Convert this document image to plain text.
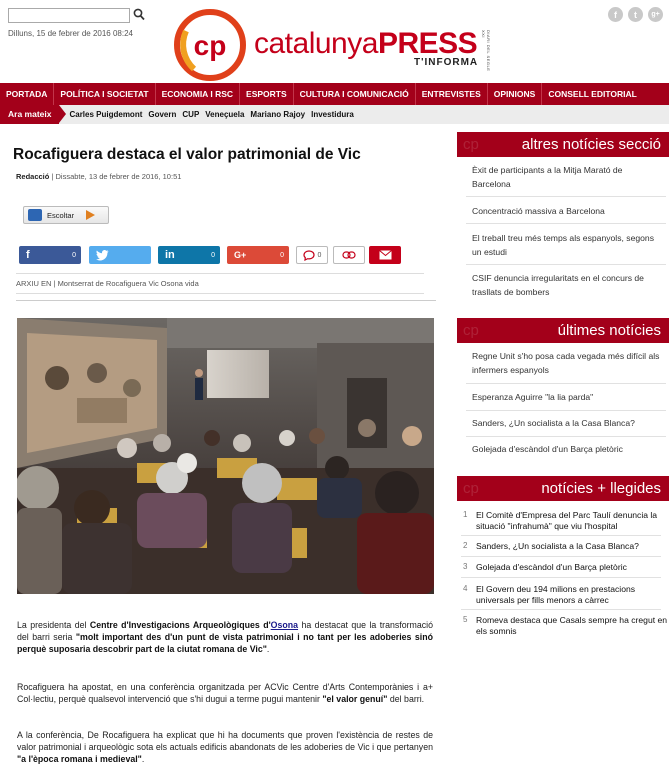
Dilluns, 15 de febrer de 2016 08:24 cp catalunyaPRESS
T'INFORMA	DIARI DEL SEGLE XXI
f	t	g+
PORTADA	POLÍTICA I SOCIETAT	ECONOMIA I RSC	ESPORTS	CULTURA I COMUNICACIÓ	ENTREVISTES	OPINIONS	CONSELL EDITORIAL
Ara mateix	Carles Puigdemont Govern CUP Veneçuela Mariano Rajoy Investidura
Rocafiguera destaca el valor patrimonial de Vic
Redacció | Dissabte, 13 de febrer de 2016, 10:51
Escoltar
f	0	in	0 G+	0	0
ARXIU EN | Montserrat de Rocafiguera Vic Osona vida

La presidenta del Centre d'Investigacions Arqueològiques d'Osona ha destacat que la transformació del barri seria "molt important des d'un punt de vista patrimonial i no tant per les adoberies sinó perquè suposaria descobrir part de la ciutat romana de Vic".

Rocafiguera ha apostat, en una conferència organitzada per ACVic Centre d'Arts Contemporànies i a+ Col·lectiu, perquè qualsevol intervenció que s'hi dugui a terme pugui mantenir "el valor genuí" del barri.

A la conferència, De Rocafiguera ha explicat que hi ha documents que proven l'existència de restes de valor patrimonial i arqueològic sota els actuals edificis abandonats de les adoberies de Vic i que pertanyen "a l'època romana i medieval".

cp	altres notícies secció
Èxit de participants a la Mitja Marató de Barcelona
Concentració massiva a Barcelona
El treball treu més temps als espanyols, segons un estudi
CSIF denuncia irregularitats en el concurs de trasllats de bombers
cp	últimes notícies
Regne Unit s'ho posa cada vegada més difícil als infermers espanyols
Esperanza Aguirre "la lia parda"
Sanders, ¿Un socialista a la Casa Blanca?
Golejada d'escàndol d'un Barça pletòric
cp	notícies + llegides
1 El Comitè d'Empresa del Parc Taulí denuncia la situació "infrahumà" que viu l'hospital
2 Sanders, ¿Un socialista a la Casa Blanca?
3 Golejada d'escàndol d'un Barça pletòric
4 El Govern deu 194 milions en prestacions universals per fills menors a càrrec
5 Romeva destaca que Casals sempre ha cregut en els somnis
